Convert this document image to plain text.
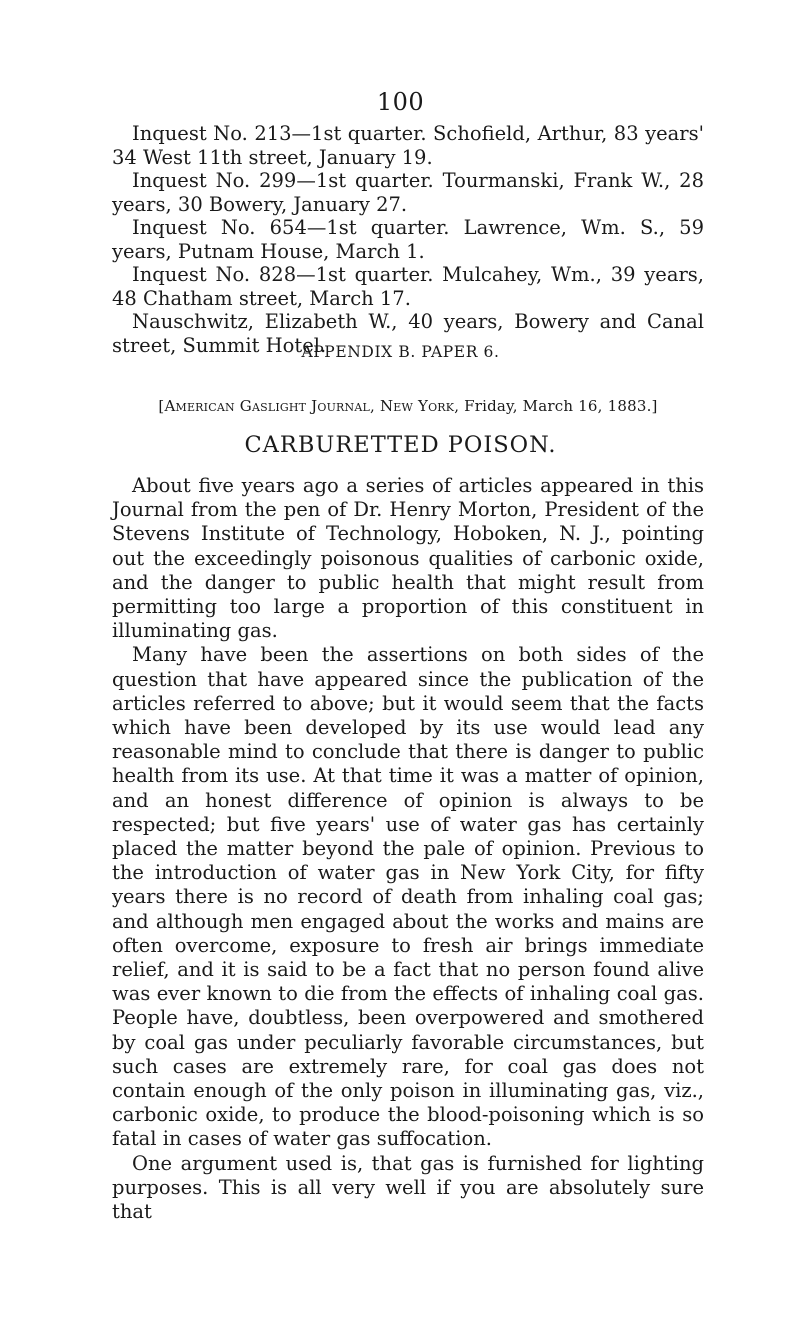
100

Inquest No. 213—1st quarter. Schofield, Arthur, 83 years' 34 West 11th street, January 19.

Inquest No. 299—1st quarter. Tourmanski, Frank W., 28 years, 30 Bowery, January 27.

Inquest No. 654—1st quarter. Lawrence, Wm. S., 59 years, Putnam House, March 1.

Inquest No. 828—1st quarter. Mulcahey, Wm., 39 years, 48 Chatham street, March 17.

Nauschwitz, Elizabeth W., 40 years, Bowery and Canal street, Summit Hotel.

APPENDIX B. PAPER 6.
[American Gaslight Journal, New York, Friday, March 16, 1883.]
CARBURETTED POISON.

About five years ago a series of articles appeared in this Journal from the pen of Dr. Henry Morton, President of the Stevens Institute of Technology, Hoboken, N. J., pointing out the exceedingly poisonous qualities of carbonic oxide, and the danger to public health that might result from permitting too large a proportion of this constituent in illuminating gas.

Many have been the assertions on both sides of the question that have appeared since the publication of the articles referred to above; but it would seem that the facts which have been developed by its use would lead any reasonable mind to conclude that there is danger to public health from its use. At that time it was a matter of opinion, and an honest difference of opinion is always to be respected; but five years' use of water gas has certainly placed the matter beyond the pale of opinion. Previous to the introduction of water gas in New York City, for fifty years there is no record of death from inhaling coal gas; and although men engaged about the works and mains are often overcome, exposure to fresh air brings immediate relief, and it is said to be a fact that no person found alive was ever known to die from the effects of inhaling coal gas. People have, doubtless, been overpowered and smothered by coal gas under peculiarly favorable circumstances, but such cases are extremely rare, for coal gas does not contain enough of the only poison in illuminating gas, viz., carbonic oxide, to produce the blood-poisoning which is so fatal in cases of water gas suffocation.

One argument used is, that gas is furnished for lighting purposes. This is all very well if you are absolutely sure that
